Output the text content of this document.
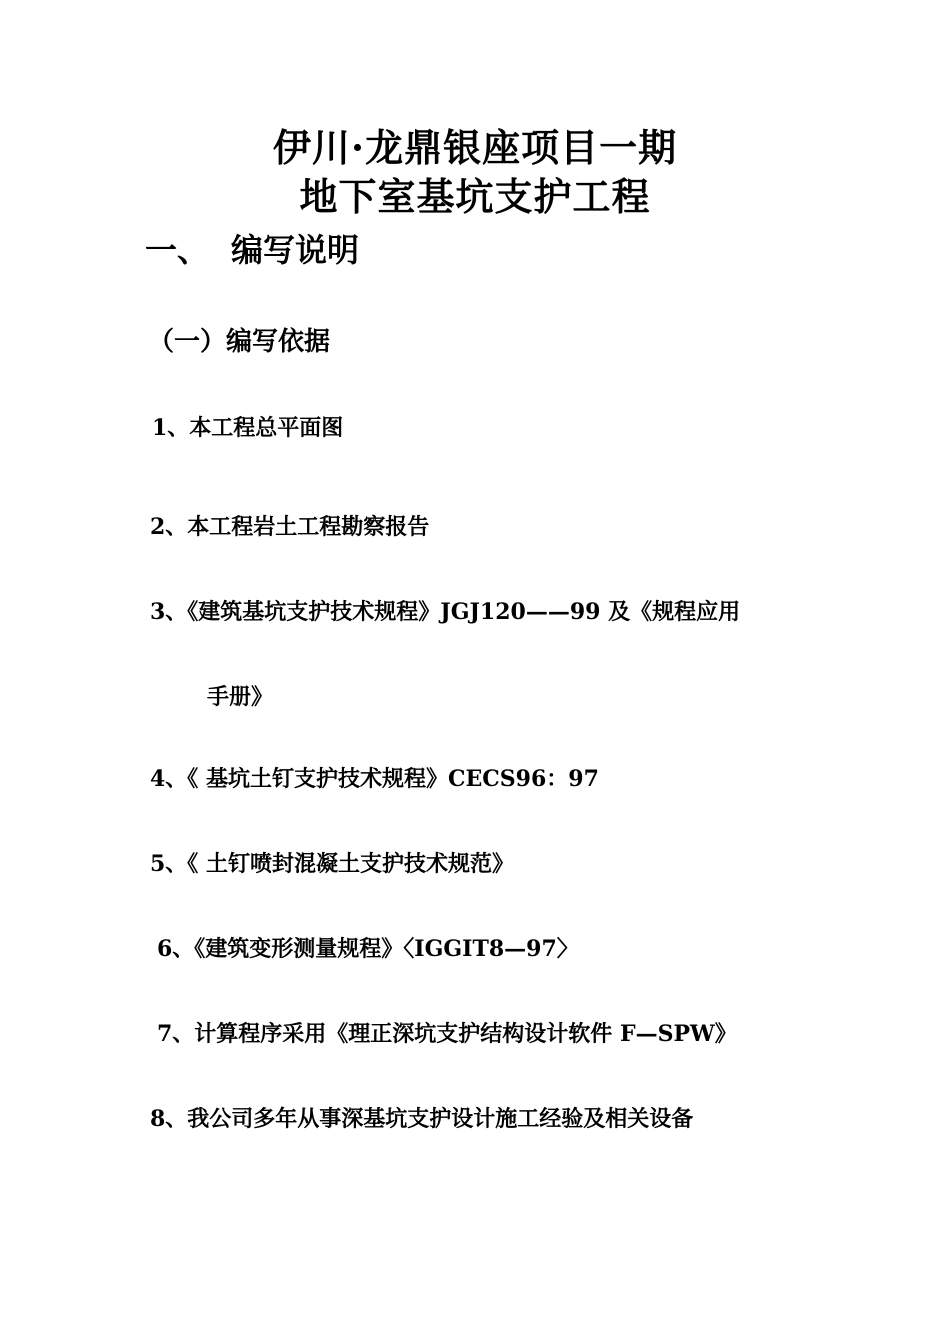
伊川·龙鼎银座项目一期
地下室基坑支护工程
一、 编写说明
（一）编写依据
1、本工程总平面图
2、本工程岩土工程勘察报告
3、《建筑基坑支护技术规程》JGJ120——99 及《规程应用
手册》
4、《 基坑土钉支护技术规程》CECS96：97
5、《 土钉喷封混凝土支护技术规范》
6、《建筑变形测量规程》〈IGGIT8—97〉
7、计算程序采用《理正深坑支护结构设计软件 F—SPW》
8、我公司多年从事深基坑支护设计施工经验及相关设备
